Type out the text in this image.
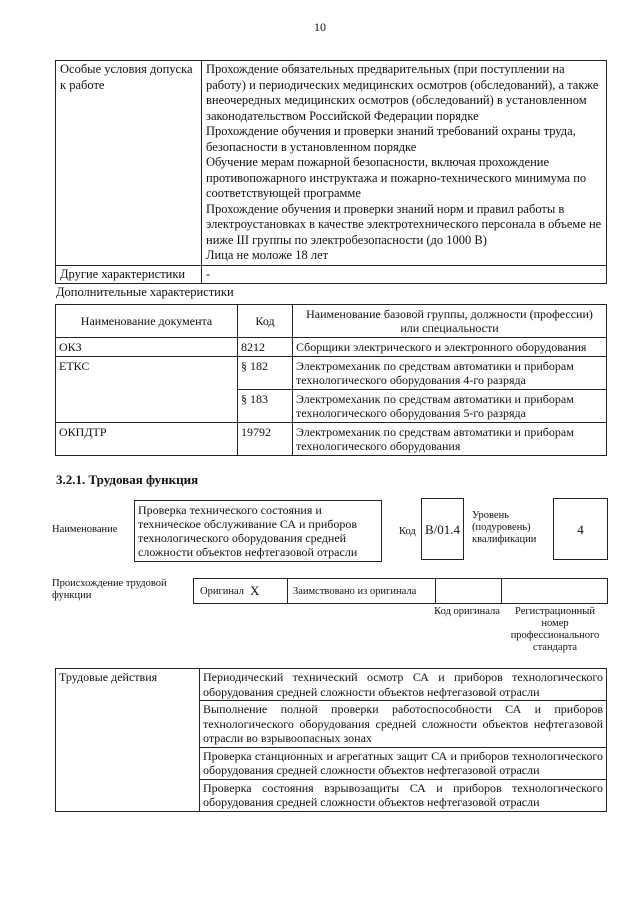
10
Особые условия допуска к работе	Прохождение обязательных предварительных (при поступлении на работу) и периодических медицинских осмотров (обследований), а также внеочередных медицинских осмотров (обследований) в установленном законодательством Российской Федерации порядке

Прохождение обучения и проверки знаний требований охраны труда, безопасности в установленном порядке

Обучение мерам пожарной безопасности, включая прохождение противопожарного инструктажа и пожарно-технического минимума по соответствующей программе

Прохождение обучения и проверки знаний норм и правил работы в электроустановках в качестве электротехнического персонала в объеме не ниже III группы по электробезопасности (до 1000 В)

Лица не моложе 18 лет

Другие характеристики	-
Дополнительные характеристики
Наименование документа	Код	Наименование базовой группы, должности (профессии) или специальности
ОКЗ	8212	Сборщики электрического и электронного оборудования
ЕТКС	§ 182	Электромеханик по средствам автоматики и приборам технологического оборудования 4-го разряда
	§ 183	Электромеханик по средствам автоматики и приборам технологического оборудования 5-го разряда
ОКПДТР	19792	Электромеханик по средствам автоматики и приборам технологического оборудования
3.2.1. Трудовая функция
Наименование
Проверка технического состояния и техническое обслуживание СА и приборов технологического оборудования средней сложности объектов нефтегазовой отрасли
Код B/01.4
Уровень (подуровень) квалификации
4
Происхождение трудовой функции	Оригинал X	Заимствовано из оригинала
Код оригинала	Регистрационный номер профессионального стандарта
Трудовые действия	Периодический технический осмотр СА и приборов технологического оборудования средней сложности объектов нефтегазовой отрасли
Выполнение полной проверки работоспособности СА и приборов технологического оборудования средней сложности объектов нефтегазовой отрасли во взрывоопасных зонах
Проверка станционных и агрегатных защит СА и приборов технологического оборудования средней сложности объектов нефтегазовой отрасли
Проверка состояния взрывозащиты СА и приборов технологического оборудования средней сложности объектов нефтегазовой отрасли
